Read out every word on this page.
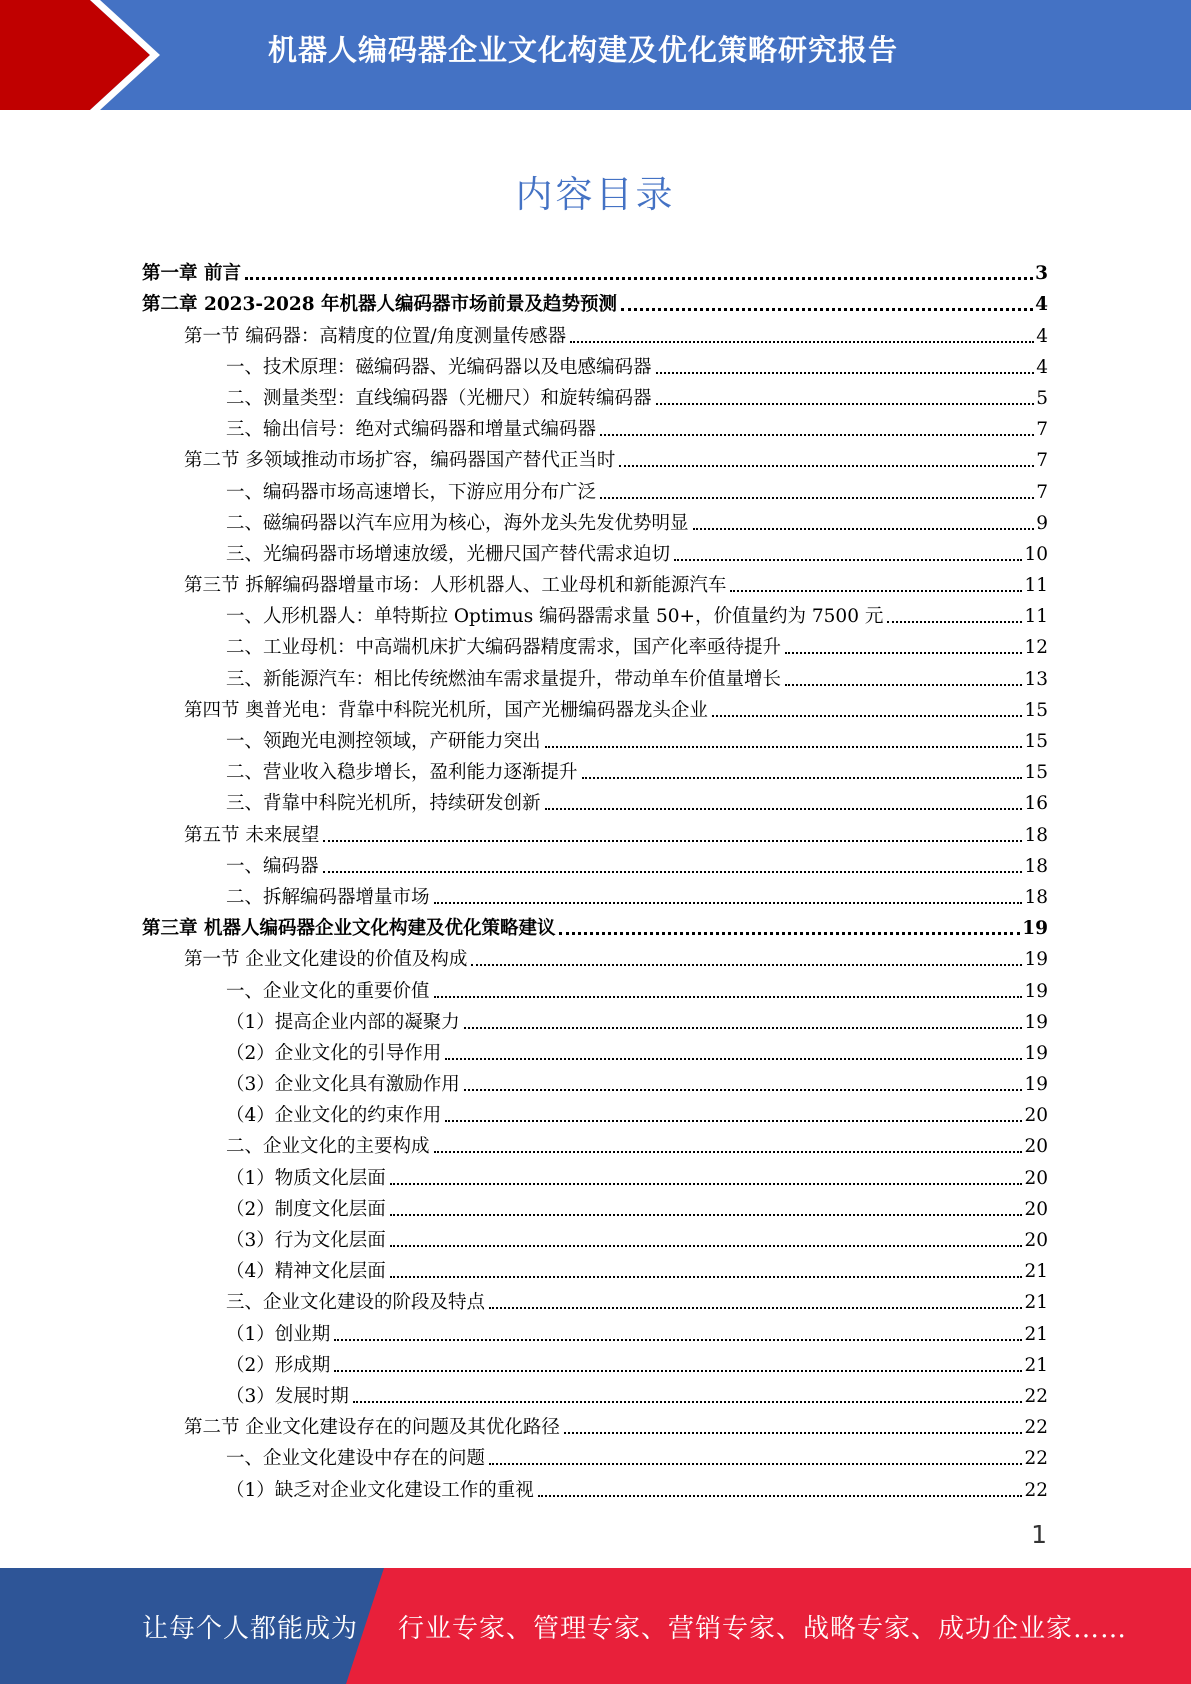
机器人编码器企业文化构建及优化策略研究报告
内容目录
第一章 前言	3
第二章 2023-2028 年机器人编码器市场前景及趋势预测	4
第一节 编码器：高精度的位置/角度测量传感器	4
一、技术原理：磁编码器、光编码器以及电感编码器	4
二、测量类型：直线编码器（光栅尺）和旋转编码器	5
三、输出信号：绝对式编码器和增量式编码器	7
第二节 多领域推动市场扩容，编码器国产替代正当时	7
一、编码器市场高速增长，下游应用分布广泛	7
二、磁编码器以汽车应用为核心，海外龙头先发优势明显	9
三、光编码器市场增速放缓，光栅尺国产替代需求迫切	10
第三节 拆解编码器增量市场：人形机器人、工业母机和新能源汽车	11
一、人形机器人：单特斯拉 Optimus 编码器需求量 50+，价值量约为 7500 元	11
二、工业母机：中高端机床扩大编码器精度需求，国产化率亟待提升	12
三、新能源汽车：相比传统燃油车需求量提升，带动单车价值量增长	13
第四节 奥普光电：背靠中科院光机所，国产光栅编码器龙头企业	15
一、领跑光电测控领域，产研能力突出	15
二、营业收入稳步增长，盈利能力逐渐提升	15
三、背靠中科院光机所，持续研发创新	16
第五节 未来展望	18
一、编码器	18
二、拆解编码器增量市场	18
第三章 机器人编码器企业文化构建及优化策略建议	19
第一节 企业文化建设的价值及构成	19
一、企业文化的重要价值	19
（1）提高企业内部的凝聚力	19
（2）企业文化的引导作用	19
（3）企业文化具有激励作用	19
（4）企业文化的约束作用	20
二、企业文化的主要构成	20
（1）物质文化层面	20
（2）制度文化层面	20
（3）行为文化层面	20
（4）精神文化层面	21
三、企业文化建设的阶段及特点	21
（1）创业期	21
（2）形成期	21
（3）发展时期	22
第二节 企业文化建设存在的问题及其优化路径	22
一、企业文化建设中存在的问题	22
（1）缺乏对企业文化建设工作的重视	22
1
让每个人都能成为 行业专家、管理专家、营销专家、战略专家、成功企业家……
